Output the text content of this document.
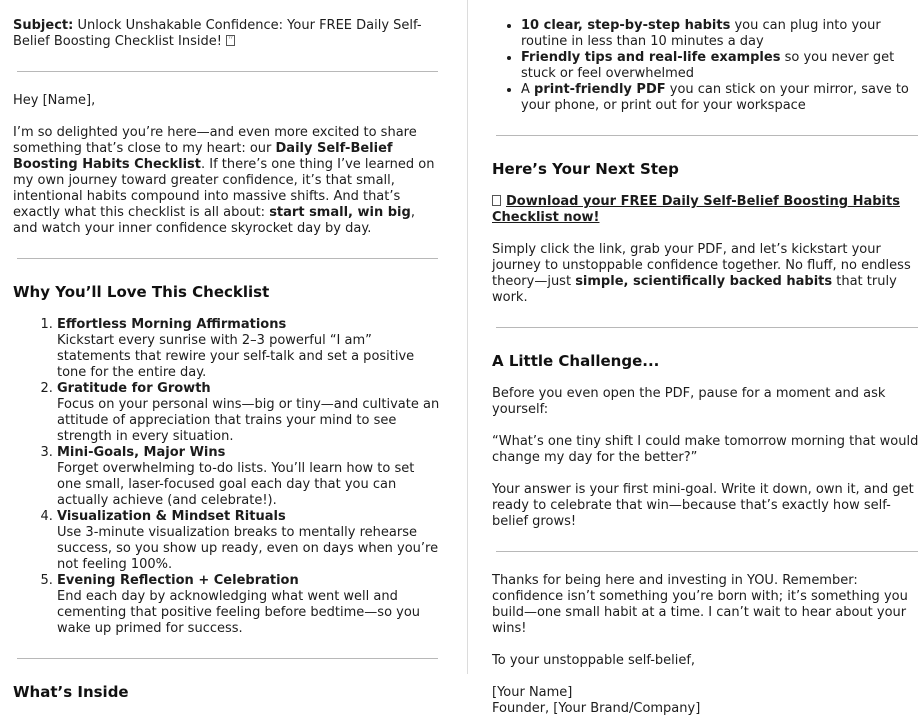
Subject: Unlock Unshakable Confidence: Your FREE Daily Self-Belief Boosting Checklist Inside! ??

Hey [Name],

I’m so delighted you’re here—and even more excited to share something that’s close to my heart: our Daily Self-Belief Boosting Habits Checklist. If there’s one thing I’ve learned on my own journey toward greater confidence, it’s that small, intentional habits compound into massive shifts. And that’s exactly what this checklist is all about: start small, win big, and watch your inner confidence skyrocket day by day.

Why You’ll Love This Checklist
1. Effortless Morning Affirmations
Kickstart every sunrise with 2–3 powerful “I am” statements that rewire your self-talk and set a positive tone for the entire day.
2. Gratitude for Growth
Focus on your personal wins—big or tiny—and cultivate an attitude of appreciation that trains your mind to see strength in every situation.
3. Mini-Goals, Major Wins
Forget overwhelming to-do lists. You’ll learn how to set one small, laser-focused goal each day that you can actually achieve (and celebrate!).
4. Visualization & Mindset Rituals
Use 3-minute visualization breaks to mentally rehearse success, so you show up ready, even on days when you’re not feeling 100%.
5. Evening Reflection + Celebration
End each day by acknowledging what went well and cementing that positive feeling before bedtime—so you wake up primed for success.
What’s Inside
• 10 clear, step-by-step habits you can plug into your routine in less than 10 minutes a day
• Friendly tips and real-life examples so you never get stuck or feel overwhelmed
• A print-friendly PDF you can stick on your mirror, save to your phone, or print out for your workspace
Here’s Your Next Step

Download your FREE Daily Self-Belief Boosting Habits Checklist now!

Simply click the link, grab your PDF, and let’s kickstart your journey to unstoppable confidence together. No fluff, no endless theory—just simple, scientifically backed habits that truly work.

A Little Challenge...

Before you even open the PDF, pause for a moment and ask yourself:

“What’s one tiny shift I could make tomorrow morning that would change my day for the better?”

Your answer is your first mini-goal. Write it down, own it, and get ready to celebrate that win—because that’s exactly how self-belief grows!

Thanks for being here and investing in YOU. Remember: confidence isn’t something you’re born with; it’s something you build—one small habit at a time. I can’t wait to hear about your wins!

To your unstoppable self-belief,

[Your Name]
Founder, [Your Brand/Company]
